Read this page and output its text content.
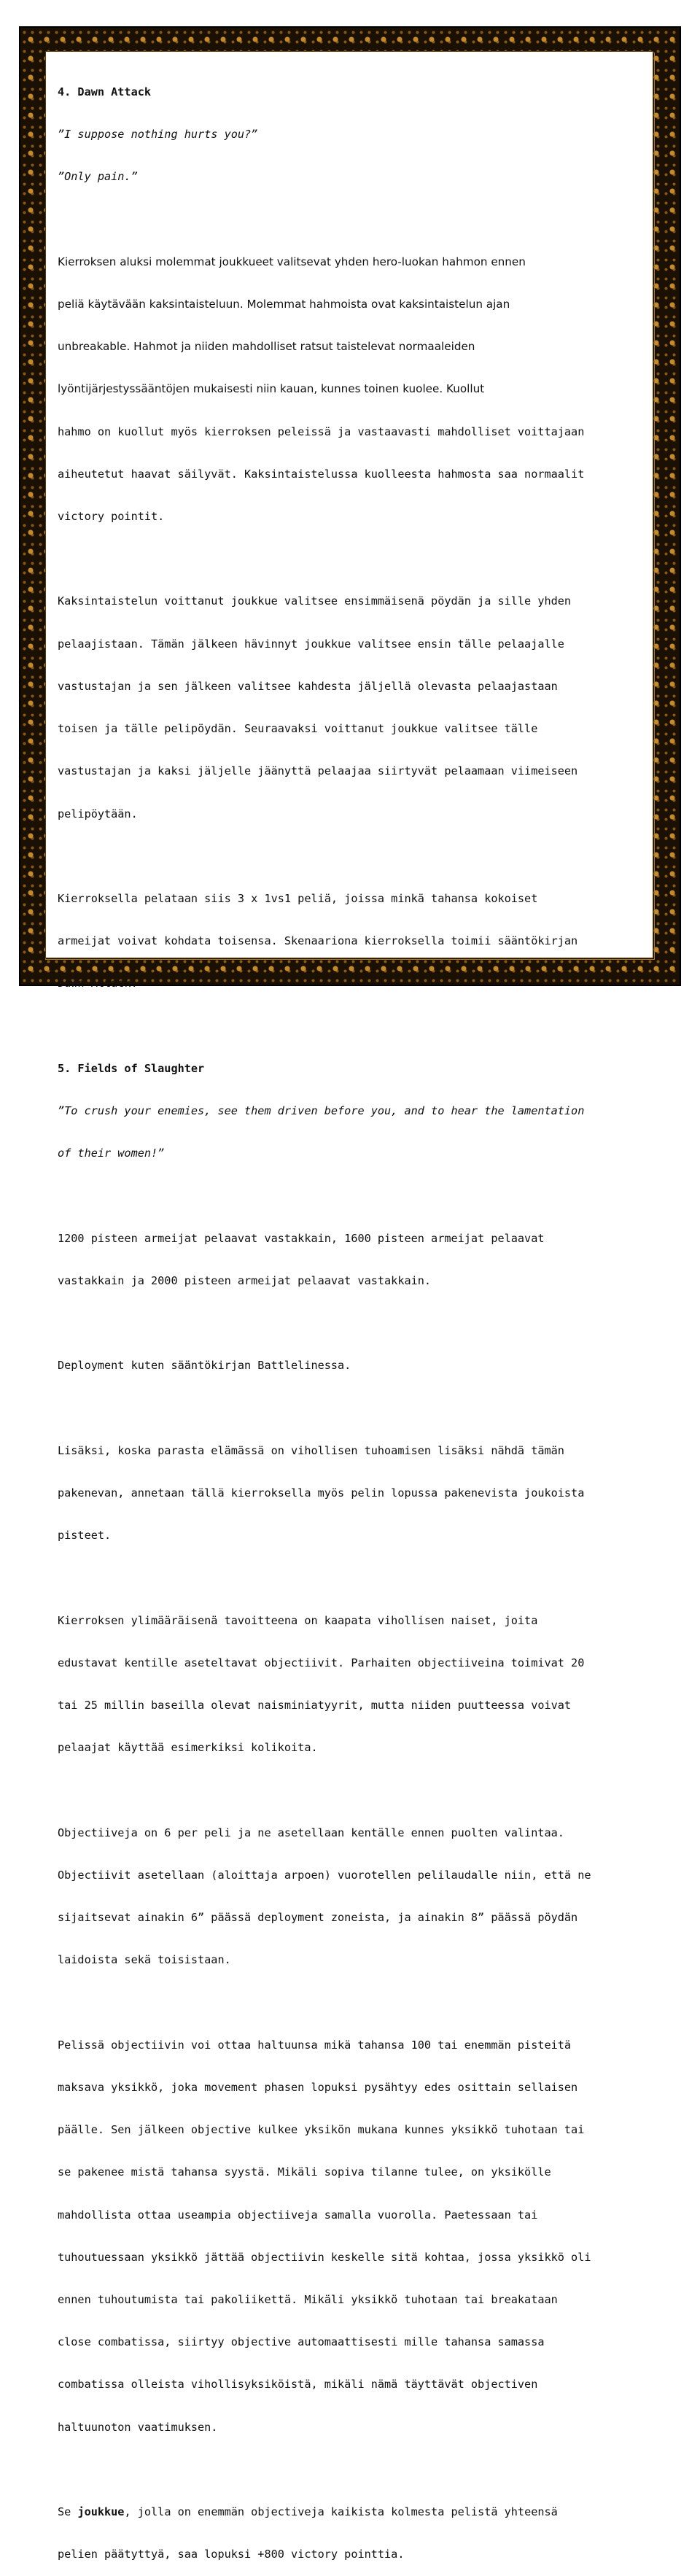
4. Dawn Attack

”I suppose nothing hurts you?”

”Only pain.”

Kierroksen aluksi molemmat joukkueet valitsevat yhden hero-luokan hahmon ennen

peliä käytävään kaksintaisteluun. Molemmat hahmoista ovat kaksintaistelun ajan

unbreakable. Hahmot ja niiden mahdolliset ratsut taistelevat normaaleiden

lyöntijärjestyssääntöjen mukaisesti niin kauan, kunnes toinen kuolee. Kuollut

hahmo on kuollut myös kierroksen peleissä ja vastaavasti mahdolliset voittajaan

aiheutetut haavat säilyvät. Kaksintaistelussa kuolleesta hahmosta saa normaalit

victory pointit.

Kaksintaistelun voittanut joukkue valitsee ensimmäisenä pöydän ja sille yhden

pelaajistaan. Tämän jälkeen hävinnyt joukkue valitsee ensin tälle pelaajalle

vastustajan ja sen jälkeen valitsee kahdesta jäljellä olevasta pelaajastaan

toisen ja tälle pelipöydän. Seuraavaksi voittanut joukkue valitsee tälle

vastustajan ja kaksi jäljelle jäänyttä pelaajaa siirtyvät pelaamaan viimeiseen

pelipöytään.

Kierroksella pelataan siis 3 x 1vs1 peliä, joissa minkä tahansa kokoiset

armeijat voivat kohdata toisensa. Skenaariona kierroksella toimii sääntökirjan

Dawn Attack.

5. Fields of Slaughter

”To crush your enemies, see them driven before you, and to hear the lamentation

of their women!”

1200 pisteen armeijat pelaavat vastakkain, 1600 pisteen armeijat pelaavat

vastakkain ja 2000 pisteen armeijat pelaavat vastakkain.

Deployment kuten sääntökirjan Battlelinessa.

Lisäksi, koska parasta elämässä on vihollisen tuhoamisen lisäksi nähdä tämän

pakenevan, annetaan tällä kierroksella myös pelin lopussa pakenevista joukoista

pisteet.

Kierroksen ylimääräisenä tavoitteena on kaapata vihollisen naiset, joita

edustavat kentille aseteltavat objectiivit. Parhaiten objectiiveina toimivat 20

tai 25 millin baseilla olevat naisminiatyyrit, mutta niiden puutteessa voivat

pelaajat käyttää esimerkiksi kolikoita.

Objectiiveja on 6 per peli ja ne asetellaan kentälle ennen puolten valintaa.

Objectiivit asetellaan (aloittaja arpoen) vuorotellen pelilaudalle niin, että ne

sijaitsevat ainakin 6” päässä deployment zoneista, ja ainakin 8” päässä pöydän

laidoista sekä toisistaan.

Pelissä objectiivin voi ottaa haltuunsa mikä tahansa 100 tai enemmän pisteitä

maksava yksikkö, joka movement phasen lopuksi pysähtyy edes osittain sellaisen

päälle. Sen jälkeen objective kulkee yksikön mukana kunnes yksikkö tuhotaan tai

se pakenee mistä tahansa syystä. Mikäli sopiva tilanne tulee, on yksikölle

mahdollista ottaa useampia objectiiveja samalla vuorolla. Paetessaan tai

tuhoutuessaan yksikkö jättää objectiivin keskelle sitä kohtaa, jossa yksikkö oli

ennen tuhoutumista tai pakoliikettä. Mikäli yksikkö tuhotaan tai breakataan

close combatissa, siirtyy objective automaattisesti mille tahansa samassa

combatissa olleista vihollisyksiköistä, mikäli nämä täyttävät objectiven

haltuunoton vaatimuksen.

Se joukkue, jolla on enemmän objectiveja kaikista kolmesta pelistä yhteensä

pelien päätyttyä, saa lopuksi +800 victory pointtia.
